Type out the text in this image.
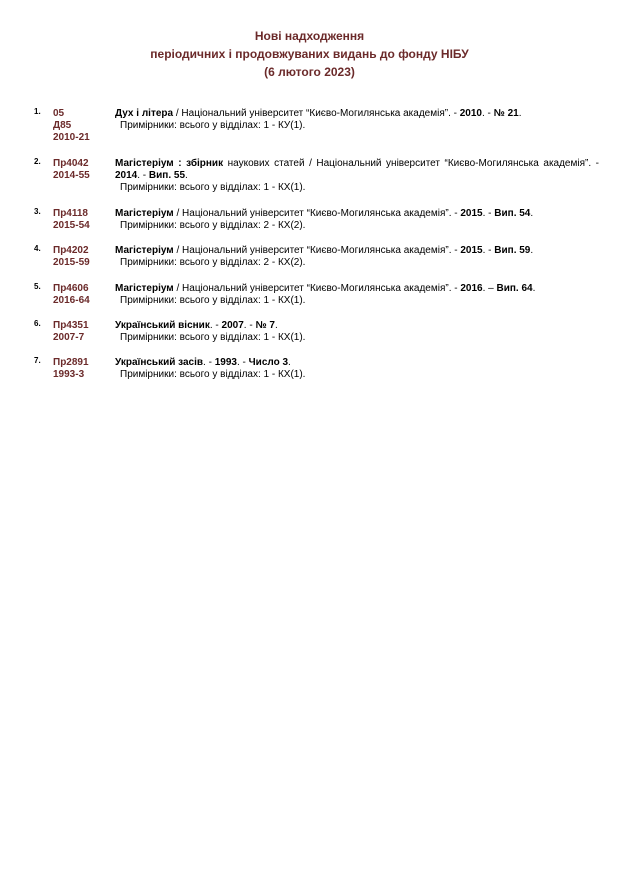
Нові надходження
періодичних і продовжуваних видань до фонду НІБУ
(6 лютого 2023)
1. 05
Д85
2010-21
Дух і літера / Національний університет “Києво-Могилянська академія”. - 2010. - № 21.
Примірники: всього у відділах: 1 - КУ(1).
2. Пр4042
2014-55
Магістеріум : збірник наукових статей / Національний університет “Києво-Могилянська академія”. - 2014. - Вип. 55.
Примірники: всього у відділах: 1 - КХ(1).
3. Пр4118
2015-54
Магістеріум / Національний університет “Києво-Могилянська академія”. - 2015. - Вип. 54.
Примірники: всього у відділах: 2 - КХ(2).
4. Пр4202
2015-59
Магістеріум / Національний університет “Києво-Могилянська академія”. - 2015. - Вип. 59.
Примірники: всього у відділах: 2 - КХ(2).
5. Пр4606
2016-64
Магістеріум / Національний університет “Києво-Могилянська академія”. - 2016. – Вип. 64.
Примірники: всього у відділах: 1 - КХ(1).
6. Пр4351
2007-7
Український вісник. - 2007. - № 7.
Примірники: всього у відділах: 1 - КХ(1).
7. Пр2891
1993-3
Український засів. - 1993. - Число 3.
Примірники: всього у відділах: 1 - КХ(1).
